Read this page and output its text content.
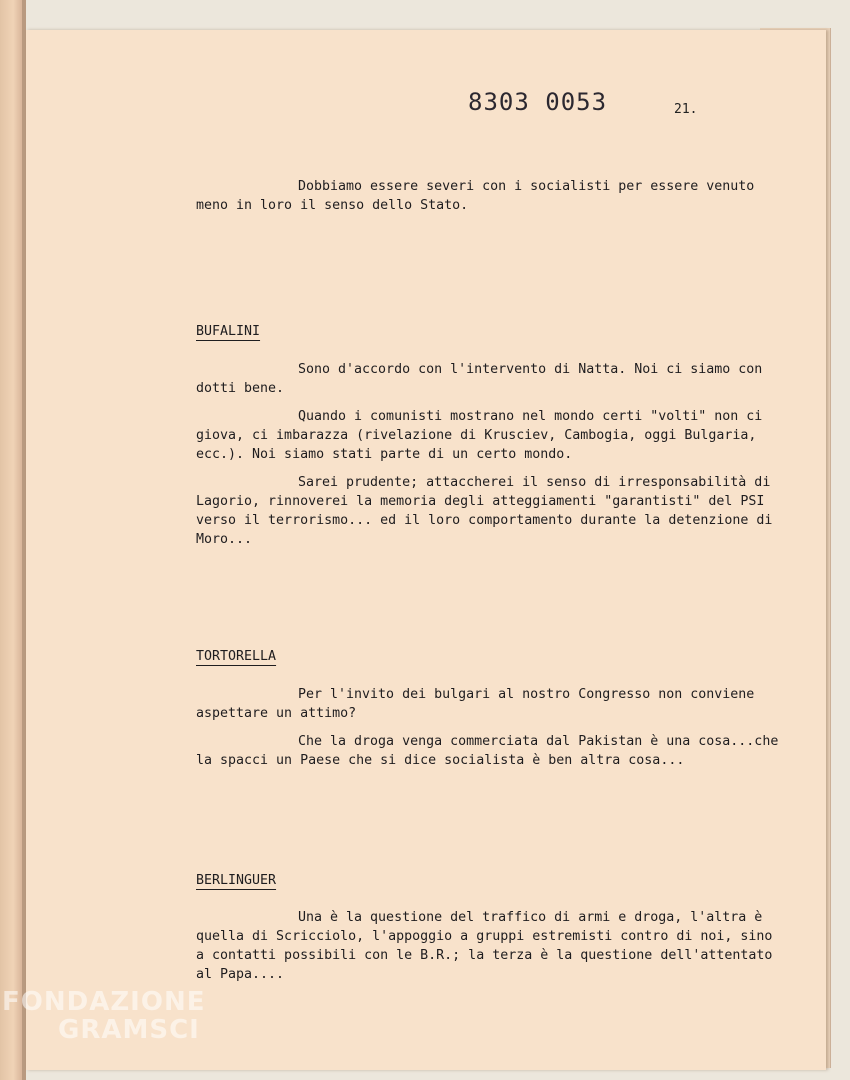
8303 0053	21.
Dobbiamo essere severi con i socialisti per essere venuto
meno in loro il senso dello Stato.
BUFALINI
Sono d'accordo con l'intervento di Natta. Noi ci siamo con
dotti bene.
Quando i comunisti mostrano nel mondo certi "volti" non ci
giova, ci imbarazza (rivelazione di Krusciev, Cambogia, oggi Bulgaria,
ecc.). Noi siamo stati parte di un certo mondo.
Sarei prudente; attaccherei il senso di irresponsabilità di
Lagorio, rinnoverei la memoria degli atteggiamenti "garantisti" del PSI
verso il terrorismo... ed il loro comportamento durante la detenzione di
Moro...
TORTORELLA
Per l'invito dei bulgari al nostro Congresso non conviene
aspettare un attimo?
Che la droga venga commerciata dal Pakistan è una cosa...che
la spacci un Paese che si dice socialista è ben altra cosa...
BERLINGUER
Una è la questione del traffico di armi e droga, l'altra è
quella di Scricciolo, l'appoggio a gruppi estremisti contro di noi, sino
a contatti possibili con le B.R.; la terza è la questione dell'attentato
al Papa....
FONDAZIONE
GRAMSCI
